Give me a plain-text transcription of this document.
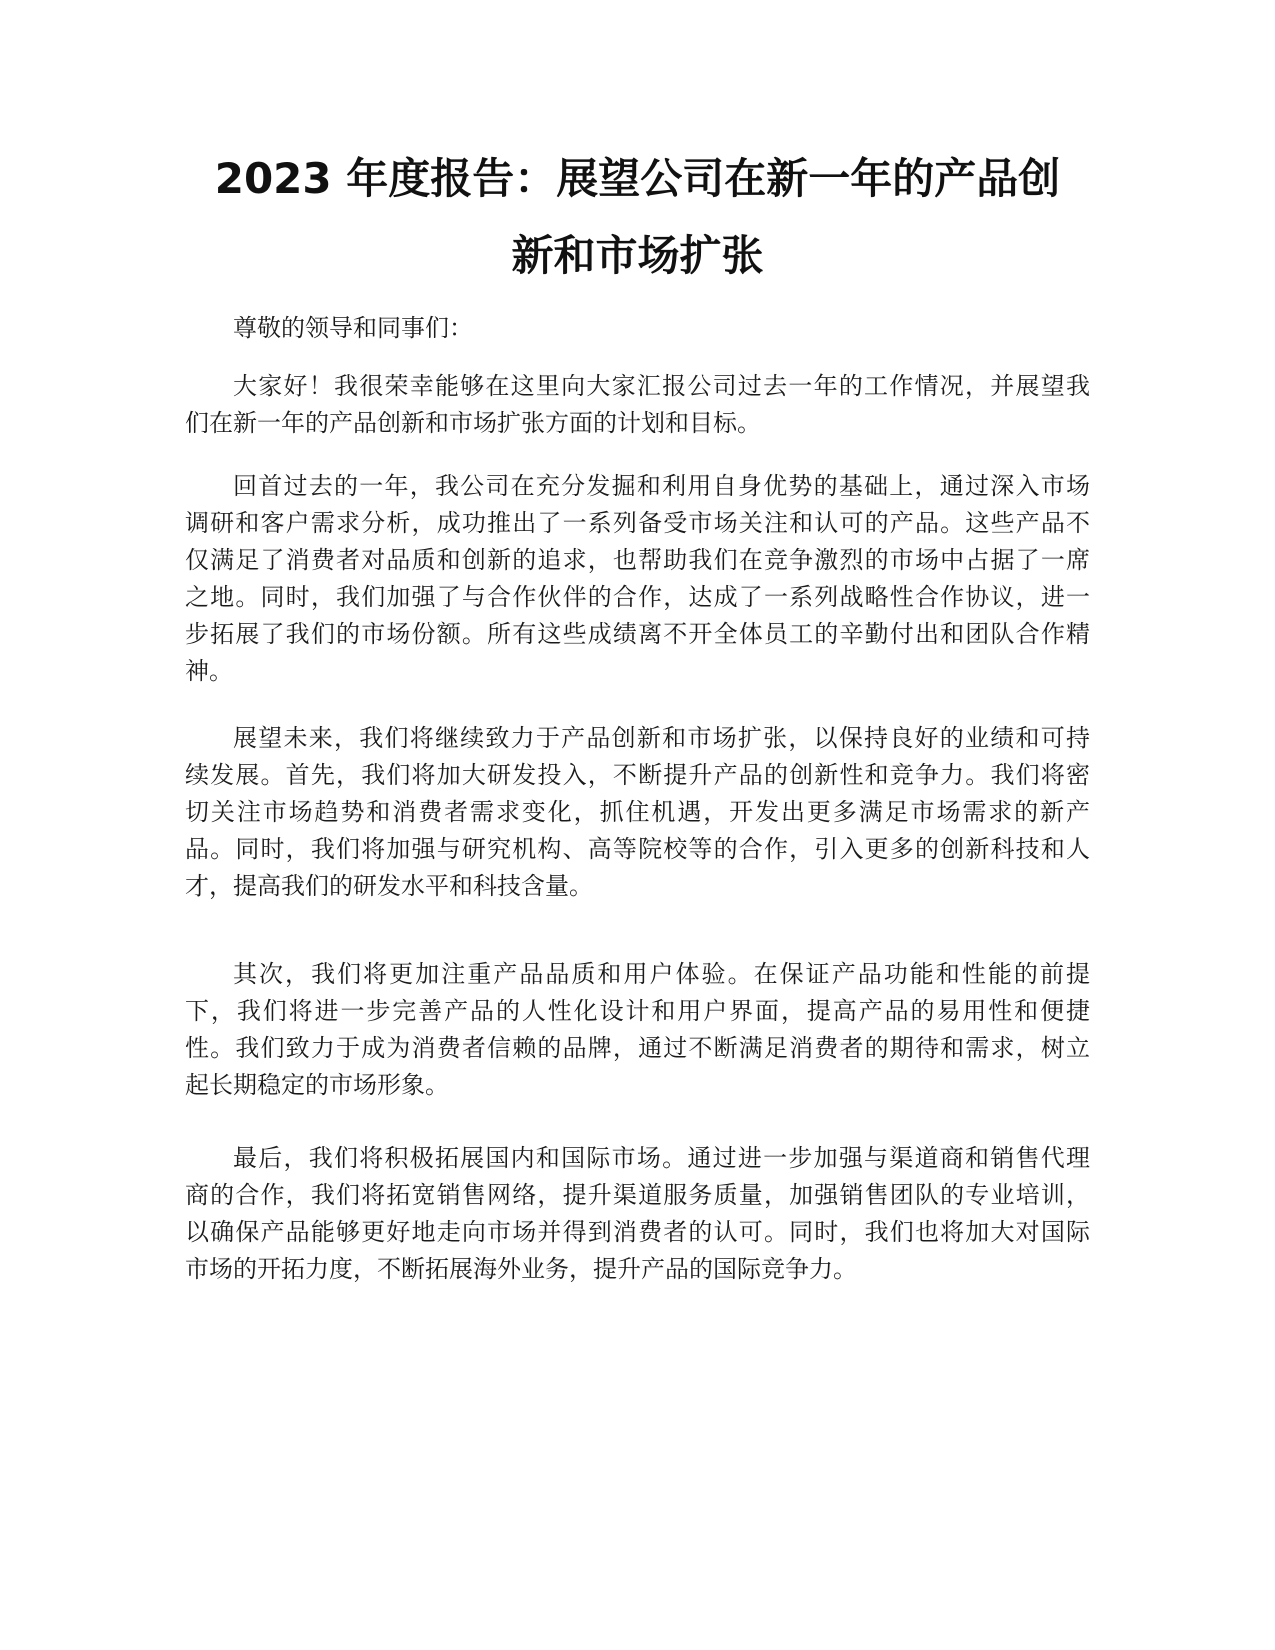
2023 年度报告：展望公司在新一年的产品创
新和市场扩张
尊敬的领导和同事们：
大家好！我很荣幸能够在这里向大家汇报公司过去一年的工作情况，并展望我
们在新一年的产品创新和市场扩张方面的计划和目标。
回首过去的一年，我公司在充分发掘和利用自身优势的基础上，通过深入市场
调研和客户需求分析，成功推出了一系列备受市场关注和认可的产品。这些产品不
仅满足了消费者对品质和创新的追求，也帮助我们在竞争激烈的市场中占据了一席
之地。同时，我们加强了与合作伙伴的合作，达成了一系列战略性合作协议，进一
步拓展了我们的市场份额。所有这些成绩离不开全体员工的辛勤付出和团队合作精
神。
展望未来，我们将继续致力于产品创新和市场扩张，以保持良好的业绩和可持
续发展。首先，我们将加大研发投入，不断提升产品的创新性和竞争力。我们将密
切关注市场趋势和消费者需求变化，抓住机遇，开发出更多满足市场需求的新产
品。同时，我们将加强与研究机构、高等院校等的合作，引入更多的创新科技和人
才，提高我们的研发水平和科技含量。
其次，我们将更加注重产品品质和用户体验。在保证产品功能和性能的前提
下，我们将进一步完善产品的人性化设计和用户界面，提高产品的易用性和便捷
性。我们致力于成为消费者信赖的品牌，通过不断满足消费者的期待和需求，树立
起长期稳定的市场形象。
最后，我们将积极拓展国内和国际市场。通过进一步加强与渠道商和销售代理
商的合作，我们将拓宽销售网络，提升渠道服务质量，加强销售团队的专业培训，
以确保产品能够更好地走向市场并得到消费者的认可。同时，我们也将加大对国际
市场的开拓力度，不断拓展海外业务，提升产品的国际竞争力。
